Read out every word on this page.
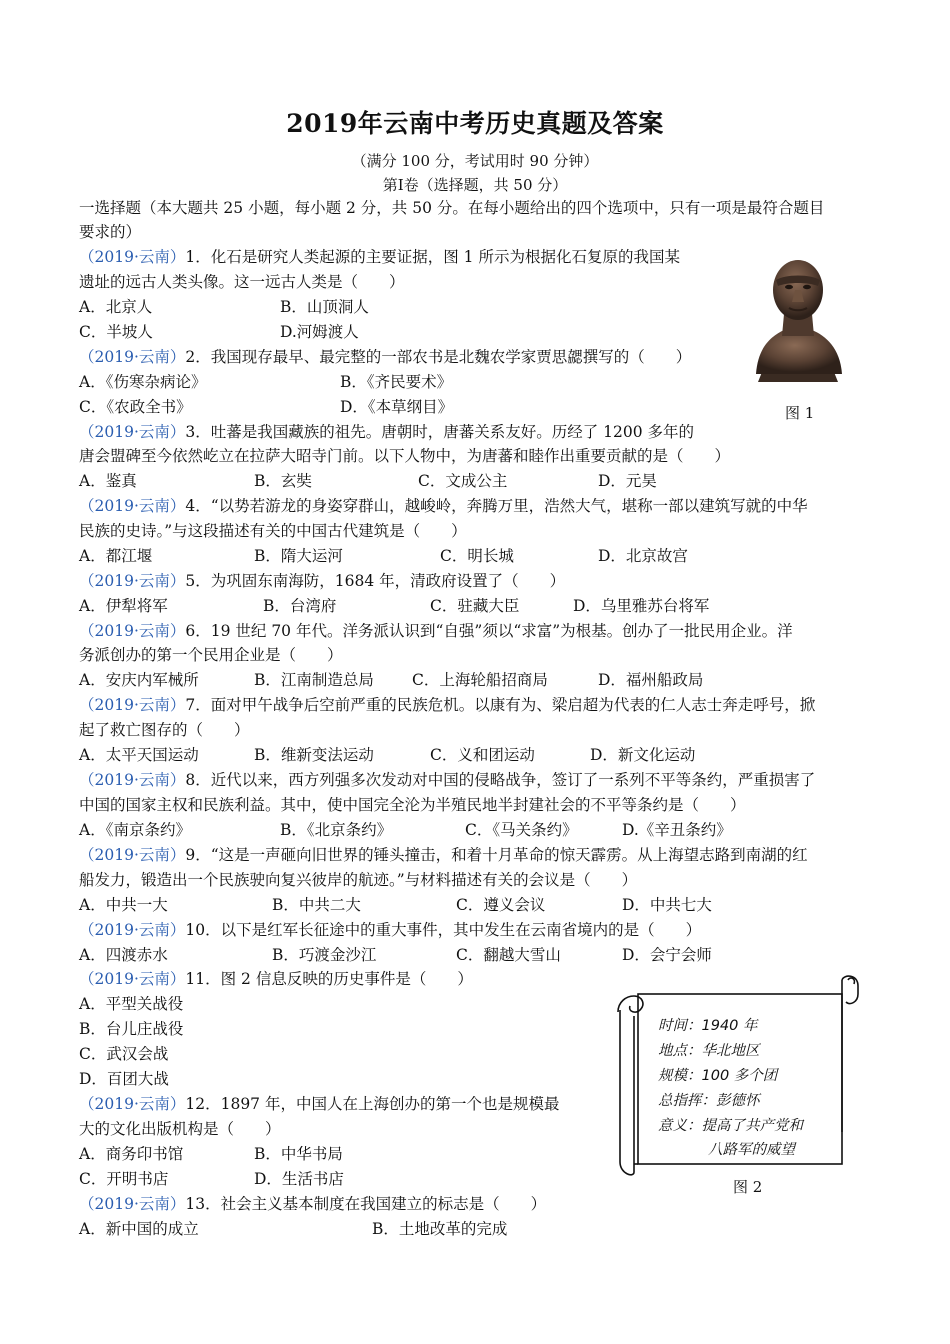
2019年云南中考历史真题及答案
（满分 100 分，考试用时 90 分钟）
第Ⅰ卷（选择题，共 50 分）
一选择题（本大题共 25 小题，每小题 2 分，共 50 分。在每小题给出的四个选项中，只有一项是最符合题目
要求的）
（2019·云南）1．化石是研究人类起源的主要证据，图 1 所示为根据化石复原的我国某
遗址的远古人类头像。这一远古人类是（　　）
A．北京人	B．山顶洞人
C．半坡人	D.河姆渡人
（2019·云南）2．我国现存最早、最完整的一部农书是北魏农学家贾思勰撰写的（　　）
A．《伤寒杂病论》	B．《齐民要术》
C．《农政全书》	D．《本草纲目》
（2019·云南）3．吐蕃是我国藏族的祖先。唐朝时，唐蕃关系友好。历经了 1200 多年的
唐会盟碑至今依然屹立在拉萨大昭寺门前。以下人物中，为唐蕃和睦作出重要贡献的是（　　）
A．鉴真	B．玄奘	C．文成公主	D．元昊
（2019·云南）4．“以势若游龙的身姿穿群山，越峻岭，奔腾万里，浩然大气，堪称一部以建筑写就的中华
民族的史诗。”与这段描述有关的中国古代建筑是（　　）
A．都江堰	B．隋大运河	C．明长城	D．北京故宫
（2019·云南）5．为巩固东南海防，1684 年，清政府设置了（　　）
A．伊犁将军	B．台湾府	C．驻藏大臣	D．乌里雅苏台将军
（2019·云南）6．19 世纪 70 年代。洋务派认识到“自强”须以“求富”为根基。创办了一批民用企业。洋
务派创办的第一个民用企业是（　　）
A．安庆内军械所	B．江南制造总局 C．上海轮船招商局	D．福州船政局
（2019·云南）7．面对甲午战争后空前严重的民族危机。以康有为、梁启超为代表的仁人志士奔走呼号，掀
起了救亡图存的（　　）
A．太平天国运动	B．维新变法运动	C．义和团运动	D．新文化运动
（2019·云南）8．近代以来，西方列强多次发动对中国的侵略战争，签订了一系列不平等条约，严重损害了
中国的国家主权和民族利益。其中，使中国完全沦为半殖民地半封建社会的不平等条约是（　　）
A．《南京条约》	B．《北京条约》	C．《马关条约》	D.《辛丑条约》
（2019·云南）9．“这是一声砸向旧世界的锤头撞击，和着十月革命的惊天霹雳。从上海望志路到南湖的红
船发力，锻造出一个民族驶向复兴彼岸的航迹。”与材料描述有关的会议是（　　）
A．中共一大	B．中共二大	C．遵义会议	D．中共七大
（2019·云南）10．以下是红军长征途中的重大事件，其中发生在云南省境内的是（　　）
A．四渡赤水	B．巧渡金沙江	C．翻越大雪山	D．会宁会师
（2019·云南）11．图 2 信息反映的历史事件是（　　）
A．平型关战役
B．台儿庄战役
C．武汉会战
D．百团大战
（2019·云南）12．1897 年，中国人在上海创办的第一个也是规模最
大的文化出版机构是（　　）
A．商务印书馆	B．中华书局
C．开明书店	D．生活书店
（2019·云南）13．社会主义基本制度在我国建立的标志是（　　）
A．新中国的成立	B．土地改革的完成
图 1
时间：1940 年
地点：华北地区
规模：100 多个团
总指挥：彭德怀
意义：提高了共产党和
八路军的威望
图 2
